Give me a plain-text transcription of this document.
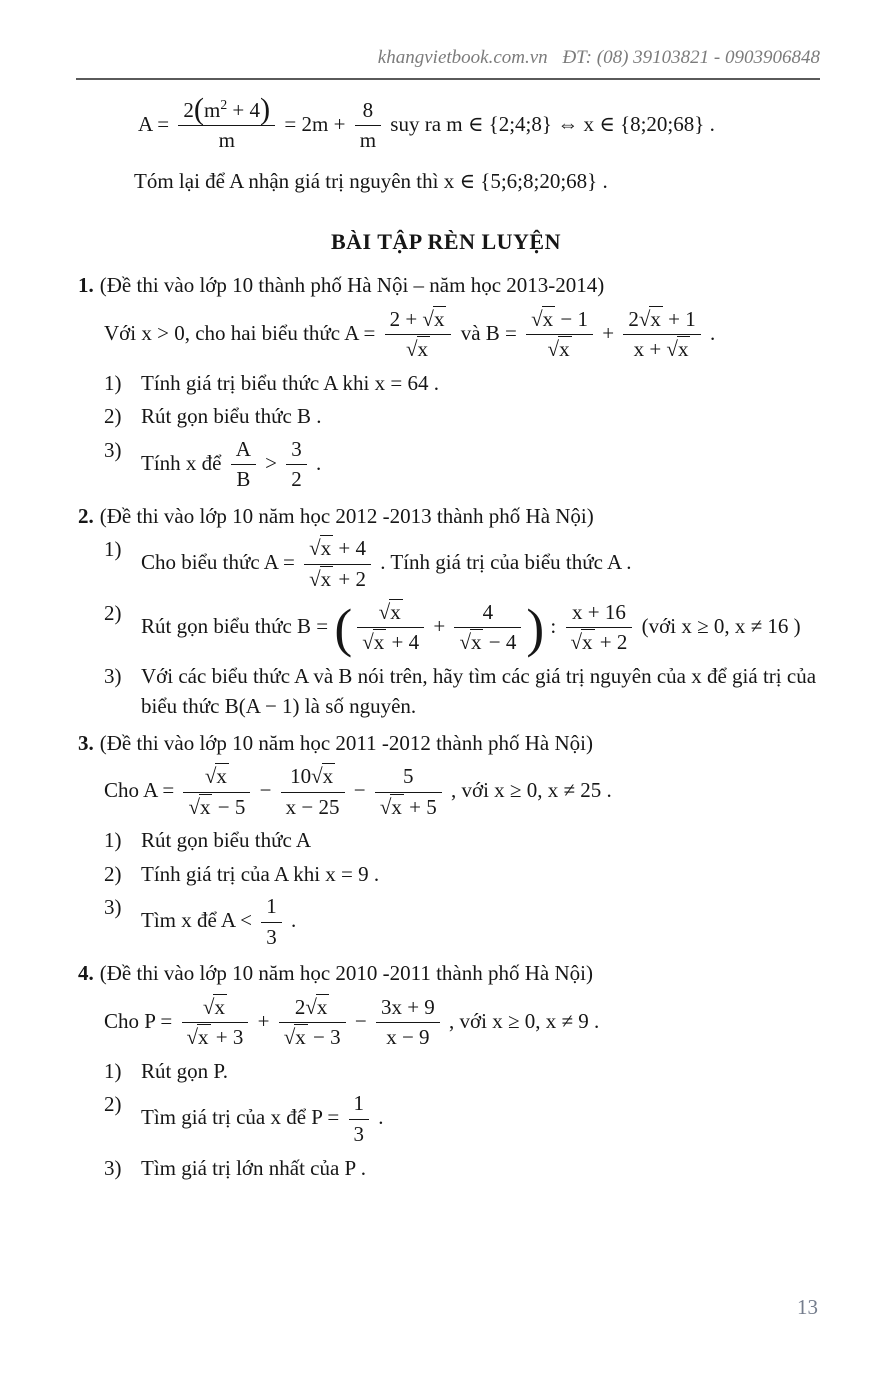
khangvietbook.com.vn ĐT: (08) 39103821 - 0903906848
$A = \frac{2(m^2 + 4)}{m} = 2m + \frac{8}{m}$ suy ra m ∈ {2;4;8} ⇔ x ∈ {8;20;68} .
Tóm lại để A nhận giá trị nguyên thì x ∈ {5;6;8;20;68} .
BÀI TẬP RÈN LUYỆN
1. (Đề thi vào lớp 10 thành phố Hà Nội – năm học 2013-2014)
Với x > 0, cho hai biểu thức $A = \frac{2 + √x}{√x}$ và $B = \frac{√x - 1}{√x} + \frac{2√x + 1}{x + √x}$ .
1) Tính giá trị biểu thức A khi x = 64 .
2) Rút gọn biểu thức B .
3)
Tính x để $\frac{A}{B} > \frac{3}{2}$ .
2. (Đề thi vào lớp 10 năm học 2012 -2013 thành phố Hà Nội)
1)
Cho biểu thức $A = \frac{√x + 4}{√x + 2}$ . Tính giá trị của biểu thức A .
2)
Rút gọn biểu thức B = ( $\frac{√x}{√x + 4} + \frac{4}{√x - 4}$ ) : $\frac{x + 16}{√x + 2}$ (với x ≥ 0, x ≠ 16 )
3) Với các biểu thức A và B nói trên, hãy tìm các giá trị nguyên của x để giá trị của biểu thức B(A − 1) là số nguyên.
3. (Đề thi vào lớp 10 năm học 2011 -2012 thành phố Hà Nội)
Cho $A = \frac{√x}{√x - 5} - \frac{10√x}{x - 25} - \frac{5}{√x + 5}$ , với x ≥ 0, x ≠ 25 .
1) Rút gọn biểu thức A
2) Tính giá trị của A khi x = 9 .
3)
Tìm x để $A < \frac{1}{3}$ .
4. (Đề thi vào lớp 10 năm học 2010 -2011 thành phố Hà Nội)
Cho $P = \frac{√x}{√x + 3} + \frac{2√x}{√x - 3} - \frac{3x + 9}{x - 9}$ , với x ≥ 0, x ≠ 9 .
1) Rút gọn P.
2)
Tìm giá trị của x để $P = \frac{1}{3}$ .
3) Tìm giá trị lớn nhất của P .
13
